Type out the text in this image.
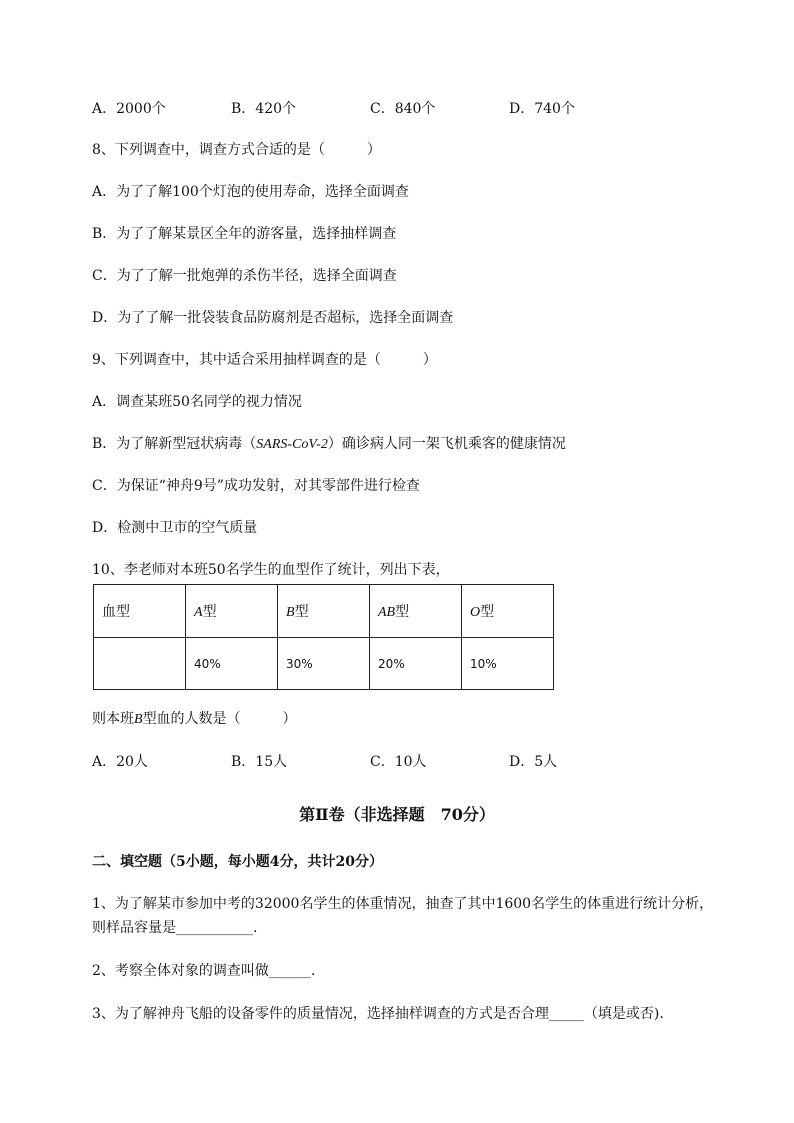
A．2000个	B．420个	C．840个	D．740个
8、下列调查中，调查方式合适的是（　　　）
A．为了了解100个灯泡的使用寿命，选择全面调查
B．为了了解某景区全年的游客量，选择抽样调查
C．为了了解一批炮弹的杀伤半径，选择全面调查
D．为了了解一批袋装食品防腐剂是否超标，选择全面调查
9、下列调查中，其中适合采用抽样调查的是（　　　）
A．调查某班50名同学的视力情况
B．为了解新型冠状病毒（SARS-CoV-2）确诊病人同一架飞机乘客的健康情况
C．为保证“神舟9号”成功发射，对其零部件进行检查
D．检测中卫市的空气质量
10、李老师对本班50名学生的血型作了统计，列出下表，
血型	A型	B型	AB型	O型
	40%	30%	20%	10%
则本班B型血的人数是（　　　）
A．20人	B．15人	C．10人	D．5人
第Ⅱ卷（非选择题　70分）
二、填空题（5小题，每小题4分，共计20分）
1、为了解某市参加中考的32000名学生的体重情况，抽查了其中1600名学生的体重进行统计分析，
则样品容量是___________.
2、考察全体对象的调查叫做______.
3、为了解神舟飞船的设备零件的质量情况，选择抽样调查的方式是否合理_____（填是或否).
